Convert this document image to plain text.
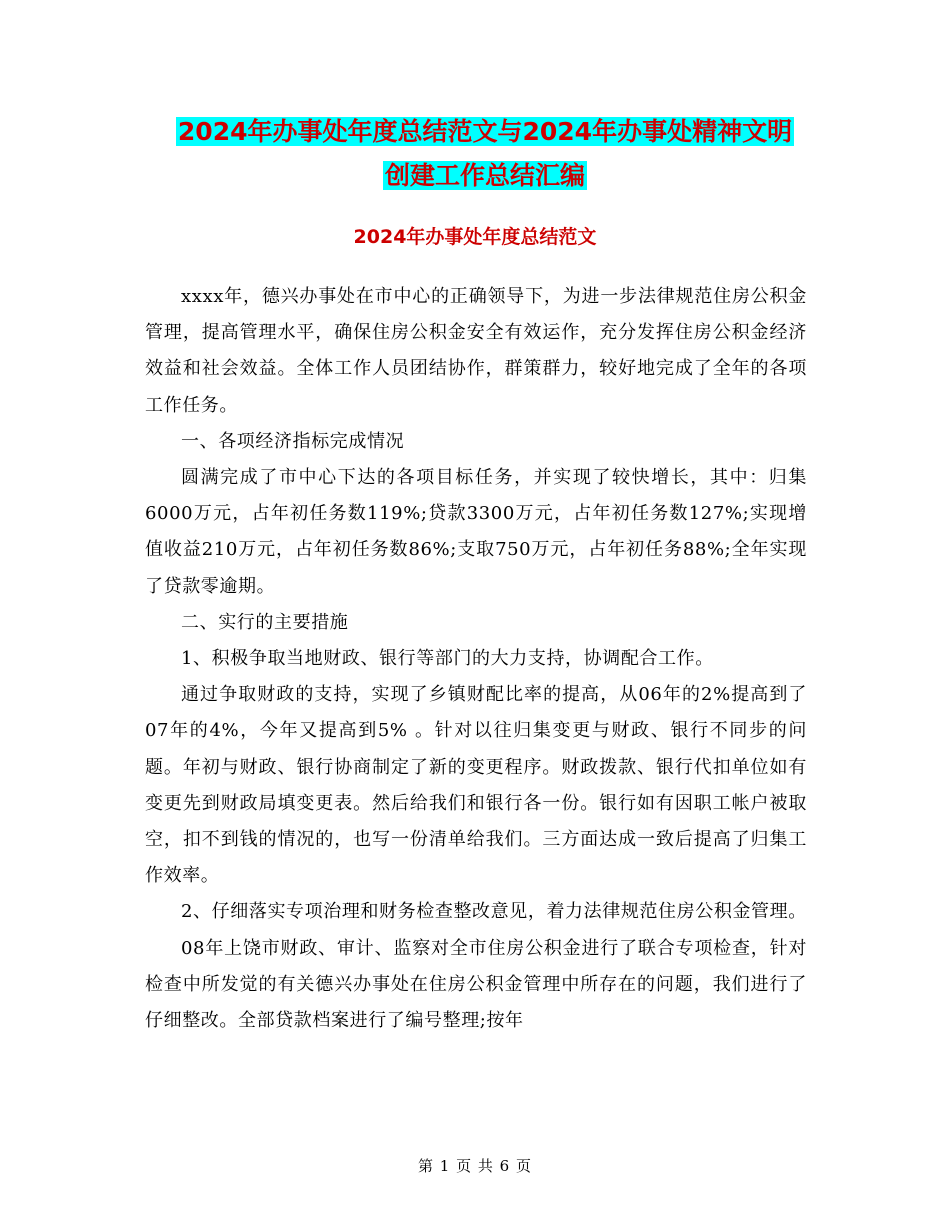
2024年办事处年度总结范文与2024年办事处精神文明
创建工作总结汇编
2024年办事处年度总结范文

xxxx年，德兴办事处在市中心的正确领导下，为进一步法律规范住房公积金管理，提高管理水平，确保住房公积金安全有效运作，充分发挥住房公积金经济效益和社会效益。全体工作人员团结协作，群策群力，较好地完成了全年的各项工作任务。

一、各项经济指标完成情况

圆满完成了市中心下达的各项目标任务，并实现了较快增长，其中：归集6000万元，占年初任务数119%;贷款3300万元，占年初任务数127%;实现增值收益210万元，占年初任务数86%;支取750万元，占年初任务88%;全年实现了贷款零逾期。

二、实行的主要措施

1、积极争取当地财政、银行等部门的大力支持，协调配合工作。

通过争取财政的支持，实现了乡镇财配比率的提高，从06年的2%提高到了07年的4%，今年又提高到5% 。针对以往归集变更与财政、银行不同步的问题。年初与财政、银行协商制定了新的变更程序。财政拨款、银行代扣单位如有变更先到财政局填变更表。然后给我们和银行各一份。银行如有因职工帐户被取空，扣不到钱的情况的，也写一份清单给我们。三方面达成一致后提高了归集工作效率。

2、仔细落实专项治理和财务检查整改意见，着力法律规范住房公积金管理。

08年上饶市财政、审计、监察对全市住房公积金进行了联合专项检查，针对检查中所发觉的有关德兴办事处在住房公积金管理中所存在的问题，我们进行了仔细整改。全部贷款档案进行了编号整理;按年

第 1 页 共 6 页
